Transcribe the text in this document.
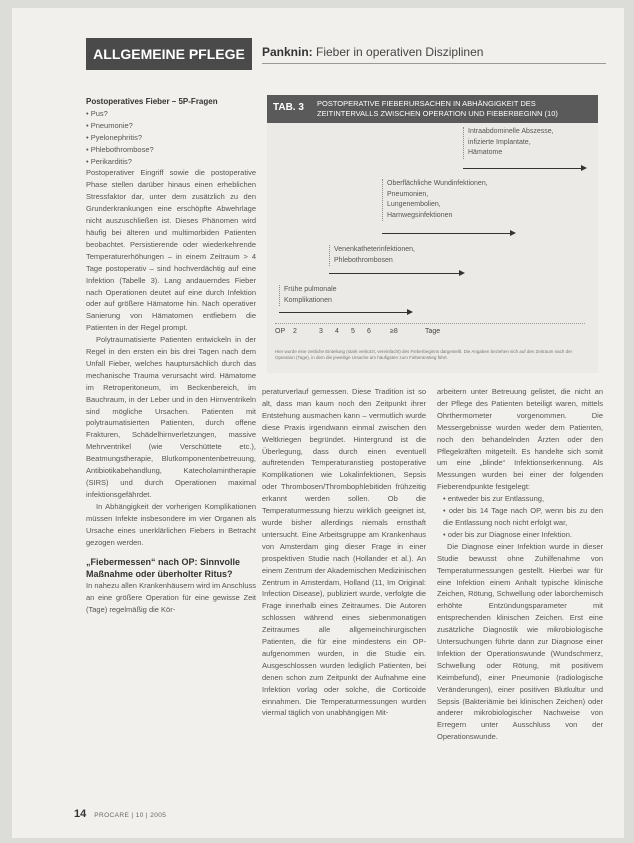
ALLGEMEINE PFLEGE	Panknin: Fieber in operativen Disziplinen
Postoperatives Fieber – 5P-Fragen
• Pus?
• Pneumonie?
• Pyelonephritis?
• Phlebothrombose?
• Perikarditis?

Postoperativer Eingriff sowie die postoperative Phase stellen darüber hinaus einen erheblichen Stressfaktor dar, unter dem zusätzlich zu den Grunderkrankungen eine erschöpfte Abwehrlage nicht auszuschließen ist. Dieses Phänomen wird häufig bei älteren und multimorbiden Patienten beobachtet. Persistierende oder wiederkehrende Temperaturerhöhungen – in einem Zeitraum > 4 Tage postoperativ – sind hochverdächtig auf eine Infektion (Tabelle 3). Lang andauerndes Fieber nach Operationen deutet auf eine durch Infektion oder auf größere Hämatome hin. Nach operativer Sanierung von Hämatomen entfiebern die Patienten in der Regel prompt.

Polytraumatisierte Patienten entwickeln in der Regel in den ersten ein bis drei Tagen nach dem Unfall Fieber, welches hauptursächlich durch das mechanische Trauma verursacht wird. Hämatome im Retroperitoneum, im Beckenbereich, im Bauchraum, in der Leber und in den Hirnventrikeln sind mögliche Ursachen. Patienten mit polytraumatisierten Patienten, durch offene Frakturen, Schädelhirnverletzungen, massive Mehrventrikel (wie Verschüttete etc.), Beatmungstherapie, Blutkomponentenbetreuung, Antibiotikabehandlung, Katecholamintherapie (SIRS) und durch Operationen maximal infektionsgefährdet.

In Abhängigkeit der vorherigen Komplikationen müssen Infekte insbesondere im vier Organen als Ursache eines unerklärlichen Fiebers in Betracht gezogen werden.

„Fiebermessen“ nach OP: Sinnvolle Maßnahme oder überholter Ritus?

In nahezu allen Krankenhäusern wird im Anschluss an eine größere Operation für eine gewisse Zeit (Tage) regelmäßig die Kör-

TAB. 3 POSTOPERATIVE FIEBERURSACHEN IN ABHÄNGIGKEIT DES ZEITINTERVALLS ZWISCHEN OPERATION UND FIEBERBEGINN (10)
Intraabdominelle Abszesse,
infizierte Implantate,
Hämatome
Oberflächliche Wundinfektionen,
Pneumonien,
Lungenembolien,
Harnwegsinfektionen
Venenkatheterinfektionen,
Phlebothrombosen
Frühe pulmonale
Komplikationen
OP 2	3 4 5 6	≥8	Tage
Hier wurde eine zeitliche Einteilung (stark verkürzt, vereinfacht) des Fieberbeginns dargestellt. Die Angaben beziehen sich auf den Zeitraum nach der Operation (Tage), in dem die jeweilige Ursache am häufigsten zum Fieberanstieg führt.

peraturverlauf gemessen. Diese Tradition ist so alt, dass man kaum noch den Zeitpunkt ihrer Entstehung ausmachen kann – vermutlich wurde diese Praxis irgendwann einmal zwischen den Weltkriegen begründet. Hintergrund ist die Überlegung, dass durch einen eventuell auftretenden Temperaturanstieg postoperative Komplikationen wie Lokalinfektionen, Sepsis oder Thrombosen/Thrombophlebitiden frühzeitig erkannt werden sollen. Ob die Temperaturmessung hierzu wirklich geeignet ist, wurde bisher allerdings niemals ernsthaft untersucht. Eine Arbeitsgruppe am Krankenhaus von Amsterdam ging dieser Frage in einer prospektiven Studie nach (Hollander et al.). An einem Zentrum der Akademischen Medizinischen Zentrum in Amsterdam, Holland (11, Im Original: Infection Disease), publiziert wurde, verfolgte die Frage innerhalb eines Zeitraumes. Die Autoren schlossen während eines siebenmonatigen Zeitraumes alle allgemeinchirurgischen Patienten, die für eine mindestens ein OP-aufgenommen wurden, in die Studie ein. Ausgeschlossen wurden lediglich Patienten, bei denen schon zum Zeitpunkt der Aufnahme eine Infektion vorlag oder solche, die Corticoide einnahmen. Die Temperaturmessungen wurden viermal täglich von unabhängigen Mit-

arbeitern unter Betreuung gelistet, die nicht an der Pflege des Patienten beteiligt waren, mittels Ohrthermometer vorgenommen. Die Messergebnisse wurden weder dem Patienten, noch den behandelnden Ärzten oder den Pflegekräften mitgeteilt. Es handelte sich somit um eine „blinde“ Infektionserkennung. Als Messungen wurden bei einer der folgenden Fieberendpunkte festgelegt:

• entweder bis zur Entlassung,
• oder bis 14 Tage nach OP, wenn bis zu den die Entlassung noch nicht erfolgt war,
• oder bis zur Diagnose einer Infektion.

Die Diagnose einer Infektion wurde in dieser Studie bewusst ohne Zuhilfenahme von Temperaturmessungen gestellt. Hierbei war für eine Infektion einem Anhalt typische klinische Zeichen, Rötung, Schwellung oder laborchemisch erhöhte Entzündungsparameter mit entsprechenden klinischen Zeichen. Erst eine zusätzliche Diagnostik wie mikrobiologische Untersuchungen führte dann zur Diagnose einer Infektion der Operationswunde (Wundschmerz, Schwellung oder Rötung, mit positivem Keimbefund), einer Pneumonie (radiologische Veränderungen), einer positiven Blutkultur und Sepsis (Bakteriämie bei klinischen Zeichen) oder anderer mikrobiologischer Nachweise von Erregern unter Ausschluss von der Operationswunde.

14 PROCARE | 10 | 2005
